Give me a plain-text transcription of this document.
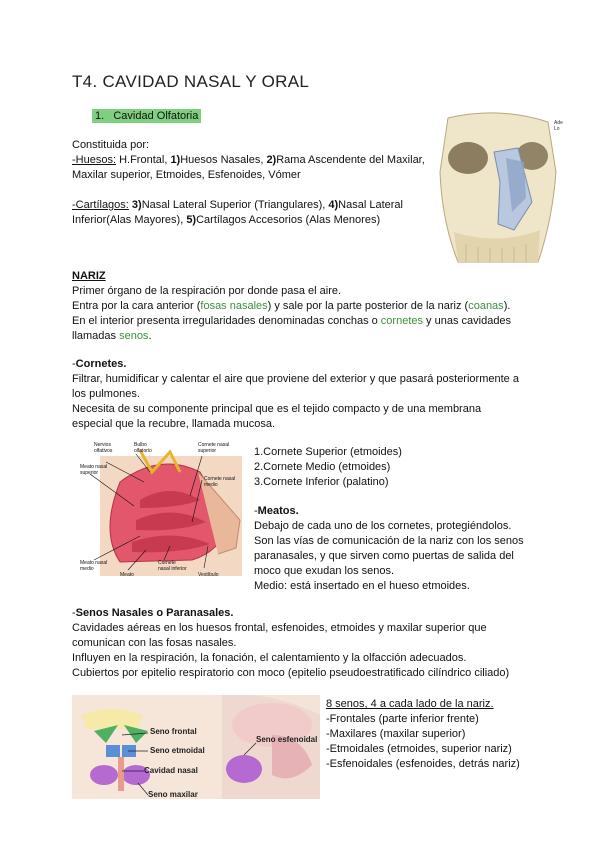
T4. CAVIDAD NASAL Y ORAL
1. Cavidad Olfatoria
Constituida por:
-Huesos: H.Frontal, 1)Huesos Nasales, 2)Rama Ascendente del Maxilar,
Maxilar superior, Etmoides, Esfenoides, Vómer
-Cartílagos: 3)Nasal Lateral Superior (Triangulares), 4)Nasal Lateral
Inferior(Alas Mayores), 5)Cartílagos Accesorios (Alas Menores)
Ade
Lo
NARIZ
Primer órgano de la respiración por donde pasa el aire.
Entra por la cara anterior (fosas nasales) y sale por la parte posterior de la nariz (coanas).
En el interior presenta irregularidades denominadas conchas o cornetes y unas cavidades
llamadas senos.
-Cornetes.
Filtrar, humidificar y calentar el aire que proviene del exterior y que pasará posteriormente a
los pulmones.
Necesita de su componente principal que es el tejido compacto y de una membrana
especial que la recubre, llamada mucosa.
Nervios olfativos
Bulbo olfatorio
Cornete nasal superior
Meato nasal superior
Cornete nasal medio
Meato nasal medio
Meato
Cornete nasal inferior
Vestíbulo
1.Cornete Superior (etmoides)
2.Cornete Medio (etmoides)
3.Cornete Inferior (palatino)
-Meatos.
Debajo de cada uno de los cornetes, protegiéndolos.
Son las vías de comunicación de la nariz con los senos
paranasales, y que sirven como puertas de salida del
moco que exudan los senos.
Medio: está insertado en el hueso etmoides.
-Senos Nasales o Paranasales.
Cavidades aéreas en los huesos frontal, esfenoides, etmoides y maxilar superior que
comunican con las fosas nasales.
Influyen en la respiración, la fonación, el calentamiento y la olfacción adecuados.
Cubiertos por epitelio respiratorio con moco (epitelio pseudoestratificado cilíndrico ciliado)
Seno frontal
Seno etmoidal
Cavidad nasal
Seno maxilar
Seno esfenoidal
8 senos, 4 a cada lado de la nariz.
-Frontales (parte inferior frente)
-Maxilares (maxilar superior)
-Etmoidales (etmoides, superior nariz)
-Esfenoidales (esfenoides, detrás nariz)
